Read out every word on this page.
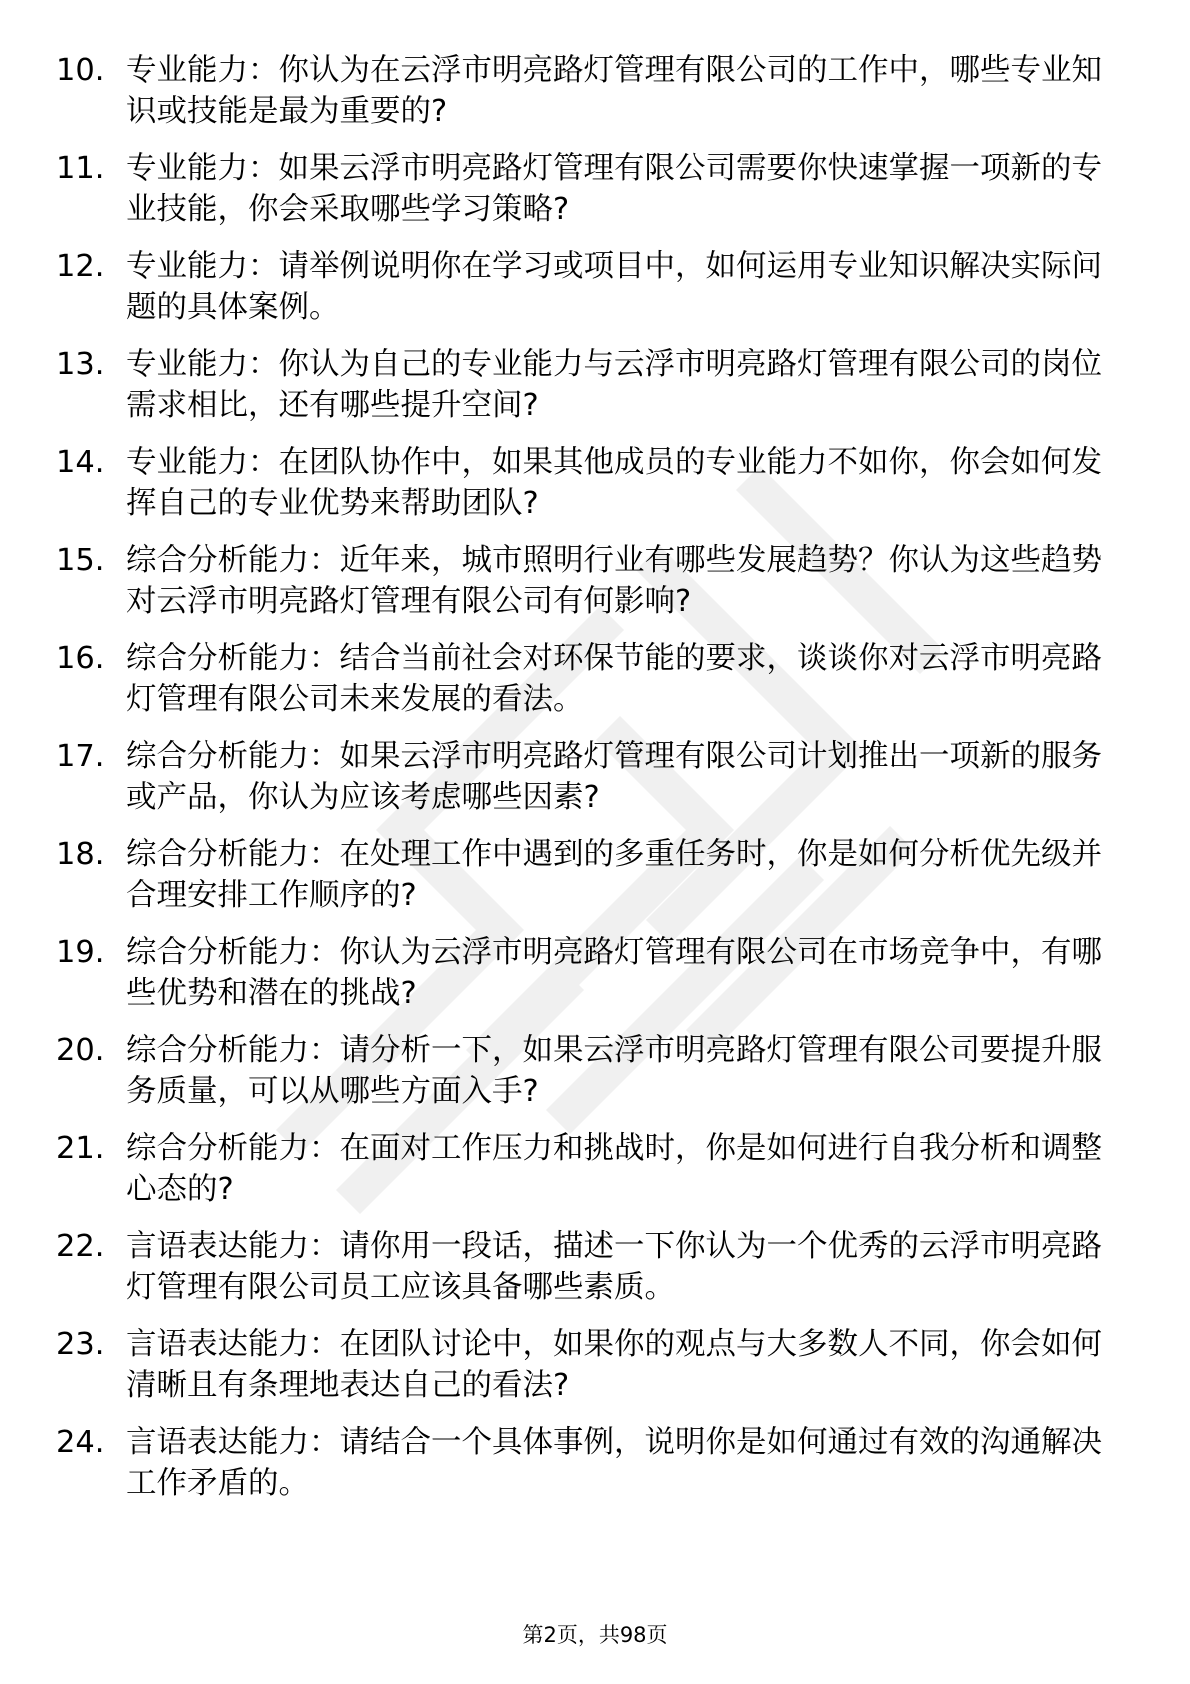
10. 专业能力：你认为在云浮市明亮路灯管理有限公司的工作中，哪些专业知识或技能是最为重要的?
11. 专业能力：如果云浮市明亮路灯管理有限公司需要你快速掌握一项新的专业技能，你会采取哪些学习策略?
12. 专业能力：请举例说明你在学习或项目中，如何运用专业知识解决实际问题的具体案例。
13. 专业能力：你认为自己的专业能力与云浮市明亮路灯管理有限公司的岗位需求相比，还有哪些提升空间?
14. 专业能力：在团队协作中，如果其他成员的专业能力不如你，你会如何发挥自己的专业优势来帮助团队?
15. 综合分析能力：近年来，城市照明行业有哪些发展趋势？你认为这些趋势对云浮市明亮路灯管理有限公司有何影响?
16. 综合分析能力：结合当前社会对环保节能的要求，谈谈你对云浮市明亮路灯管理有限公司未来发展的看法。
17. 综合分析能力：如果云浮市明亮路灯管理有限公司计划推出一项新的服务或产品，你认为应该考虑哪些因素?
18. 综合分析能力：在处理工作中遇到的多重任务时，你是如何分析优先级并合理安排工作顺序的?
19. 综合分析能力：你认为云浮市明亮路灯管理有限公司在市场竞争中，有哪些优势和潜在的挑战?
20. 综合分析能力：请分析一下，如果云浮市明亮路灯管理有限公司要提升服务质量，可以从哪些方面入手?
21. 综合分析能力：在面对工作压力和挑战时，你是如何进行自我分析和调整心态的?
22. 言语表达能力：请你用一段话，描述一下你认为一个优秀的云浮市明亮路灯管理有限公司员工应该具备哪些素质。
23. 言语表达能力：在团队讨论中，如果你的观点与大多数人不同，你会如何清晰且有条理地表达自己的看法?
24. 言语表达能力：请结合一个具体事例，说明你是如何通过有效的沟通解决工作矛盾的。
第2页，共98页
